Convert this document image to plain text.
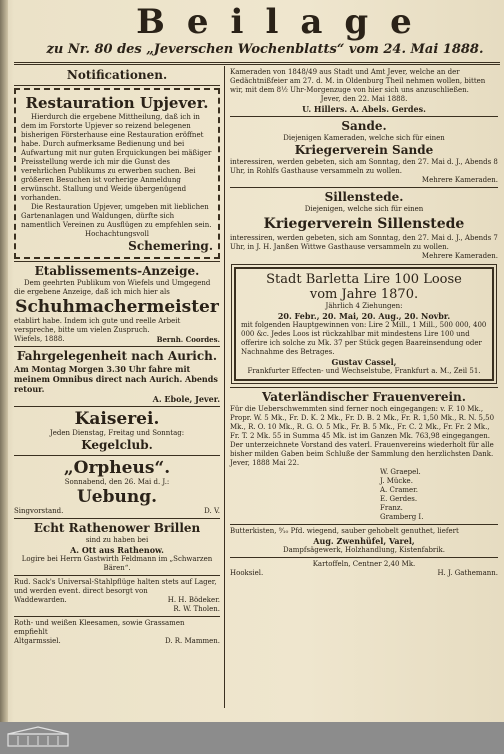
Beilage

zu Nr. 80 des „Jeverschen Wochenblatts“ vom 24. Mai 1888.

Notificationen.

Restauration Upjever.

Hierdurch die ergebene Mittheilung, daß ich in dem im Forstorte Upjever so reizend belegenen bisherigen Försterhause eine Restauration eröffnet habe. Durch aufmerksame Bedienung und bei Aufwartung mit nur guten Erquickungen bei mäßiger Preisstellung werde ich mir die Gunst des verehrlichen Publikums zu erwerben suchen. Bei größeren Besuchen ist vorherige Anmeldung erwünscht. Stallung und Weide übergenügend vorhanden.

Die Restauration Upjever, umgeben mit lieblichen Gartenanlagen und Waldungen, dürfte sich namentlich Vereinen zu Ausflügen zu empfehlen sein.

Hochachtungsvoll

Schemering.

Etablissements-Anzeige.

Dem geehrten Publikum von Wiefels und Umgegend die ergebene Anzeige, daß ich mich hier als

Schuhmachermeister

etablirt habe. Indem ich gute und reelle Arbeit verspreche, bitte um vielen Zuspruch.

Wiefels, 1888.	Bernh. Coordes.

Fahrgelegenheit nach Aurich.

Am Montag Morgen 3.30 Uhr fahre mit meinem Omnibus direct nach Aurich. Abends retour.

A. Ebole, Jever.

Kaiserei.

Jeden Dienstag, Freitag und Sonntag:

Kegelclub.

„Orpheus“.

Sonnabend, den 26. Mai d. J.:

Uebung.

Singvorstand.	D. V.

Echt Rathenower Brillen

sind zu haben bei

A. Ott aus Rathenow.

Logire bei Herrn Gastwirth Feldmann im „Schwarzen Bären“.

Rud. Sack's Universal-Stahlpflüge halten stets auf Lager, und werden event. direct besorgt von

Waddewarden.	H. H. Bödeker.

R. W. Tholen.

Roth- und weißen Kleesamen, sowie Grassamen empfiehlt

Altgarmssiel.	D. R. Mammen.

Kameraden von 1848/49 aus Stadt und Amt Jever, welche an der Gedächtnißfeier am 27. d. M. in Oldenburg Theil nehmen wollen, bitten wir, mit dem 8½ Uhr-Morgenzuge von hier sich uns anzuschließen.

Jever, den 22. Mai 1888.

U. Hillers. A. Abels. Gerdes.

Sande.

Diejenigen Kameraden, welche sich für einen

Kriegerverein Sande

interessiren, werden gebeten, sich am Sonntag, den 27. Mai d. J., Abends 8 Uhr, in Rohlfs Gasthause versammeln zu wollen.

Mehrere Kameraden.

Sillenstede.

Diejenigen, welche sich für einen

Kriegerverein Sillenstede

interessiren, werden gebeten, sich am Sonntag, den 27. Mai d. J., Abends 7 Uhr, in J. H. Janßen Wittwe Gasthause versammeln zu wollen.

Mehrere Kameraden.

Stadt Barletta Lire 100 Loose

vom Jahre 1870.

Jährlich 4 Ziehungen:

20. Febr., 20. Mai, 20. Aug., 20. Novbr.

mit folgenden Hauptgewinnen von: Lire 2 Mill., 1 Mill., 500 000, 400 000 &c. Jedes Loos ist rückzahlbar mit mindestens Lire 100 und offerire ich solche zu Mk. 37 per Stück gegen Baareinsendung oder Nachnahme des Betrages.

Gustav Cassel,

Frankfurter Effecten- und Wechselstube, Frankfurt a. M., Zeil 51.

Vaterländischer Frauenverein.

Für die Ueberschwemmten sind ferner noch eingegangen: v. F. 10 Mk., Propr. W. 5 Mk., Fr. D. K. 2 Mk., Fr. D. B. 2 Mk., Fr. R. 1,50 Mk., R. N. 5,50 Mk., R. O. 10 Mk., R. G. O. 5 Mk., Fr. B. 5 Mk., Fr. C. 2 Mk., Fr. Fr. 2 Mk., Fr. T. 2 Mk. 55 in Summa 45 Mk. ist im Ganzen Mk. 763,98 eingegangen. Der unterzeichnete Vorstand des vaterl. Frauenvereins wiederholt für alle bisher milden Gaben beim Schluße der Sammlung den herzlichsten Dank.

Jever, 1888 Mai 22.

W. Graepel.

J. Mücke.

A. Cramer.

E. Gerdes.

Franz.

Gramberg I.

Butterkisten, ⁹⁄₁₀ Pfd. wiegend, sauber gehobelt genuthet, liefert

Aug. Zwenhüfel, Varel,

Dampfsägewerk, Holzhandlung, Kistenfabrik.

Kartoffeln, Centner 2,40 Mk.

Hooksiel.	H. J. Gathemann.
